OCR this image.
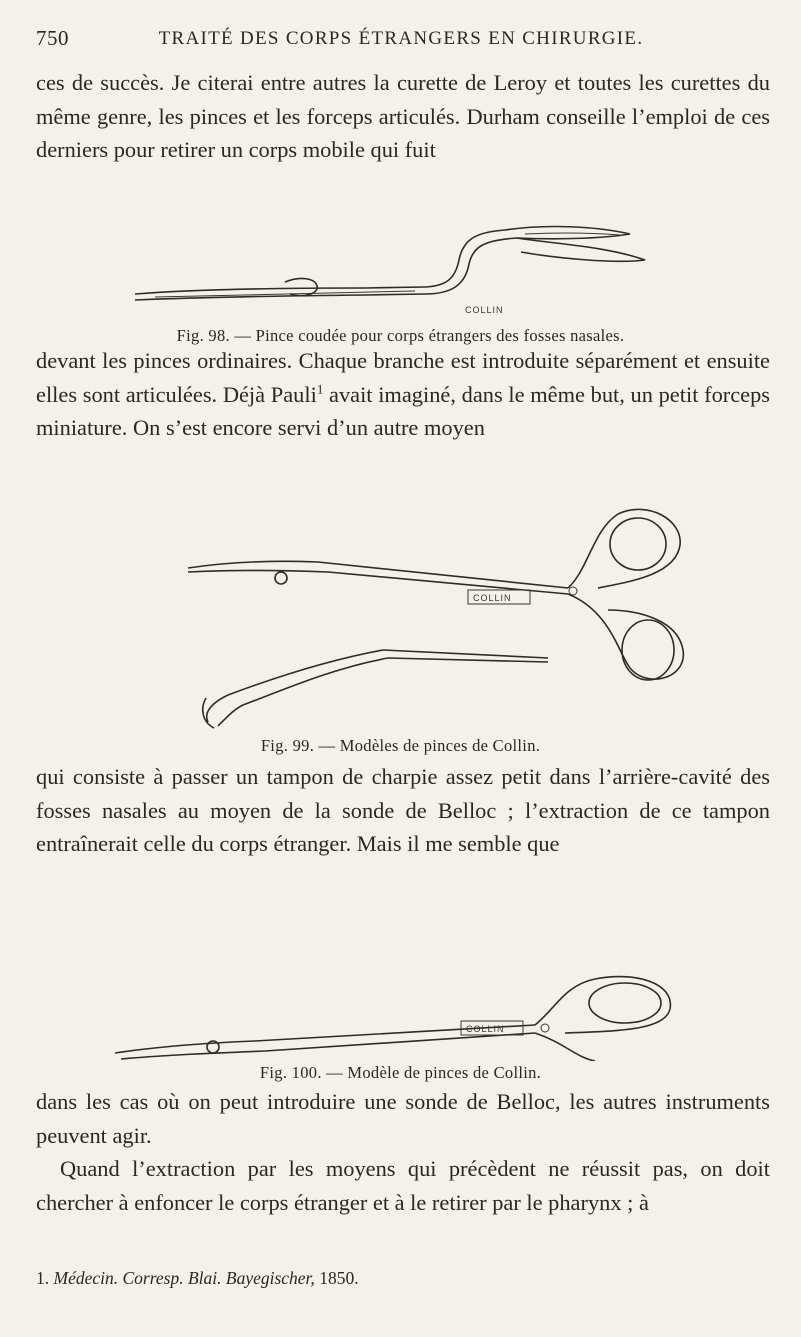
750	TRAITÉ DES CORPS ÉTRANGERS EN CHIRURGIE.

ces de succès. Je citerai entre autres la curette de Leroy et toutes les curettes du même genre, les pinces et les forceps articulés. Durham conseille l’emploi de ces derniers pour retirer un corps mobile qui fuit

COLLIN
Fig. 98. — Pince coudée pour corps étrangers des fosses nasales.

devant les pinces ordinaires. Chaque branche est introduite séparément et ensuite elles sont articulées. Déjà Pauli$^1$ avait imaginé, dans le même but, un petit forceps miniature. On s’est encore servi d’un autre moyen

COLLIN
Fig. 99. — Modèles de pinces de Collin.

qui consiste à passer un tampon de charpie assez petit dans l’arrière-cavité des fosses nasales au moyen de la sonde de Belloc ; l’extraction de ce tampon entraînerait celle du corps étranger. Mais il me semble que

COLLIN
Fig. 100. — Modèle de pinces de Collin.

dans les cas où on peut introduire une sonde de Belloc, les autres instruments peuvent agir.

Quand l’extraction par les moyens qui précèdent ne réussit pas, on doit chercher à enfoncer le corps étranger et à le retirer par le pharynx ; à

1. Médecin. Corresp. Blai. Bayegischer, 1850.
